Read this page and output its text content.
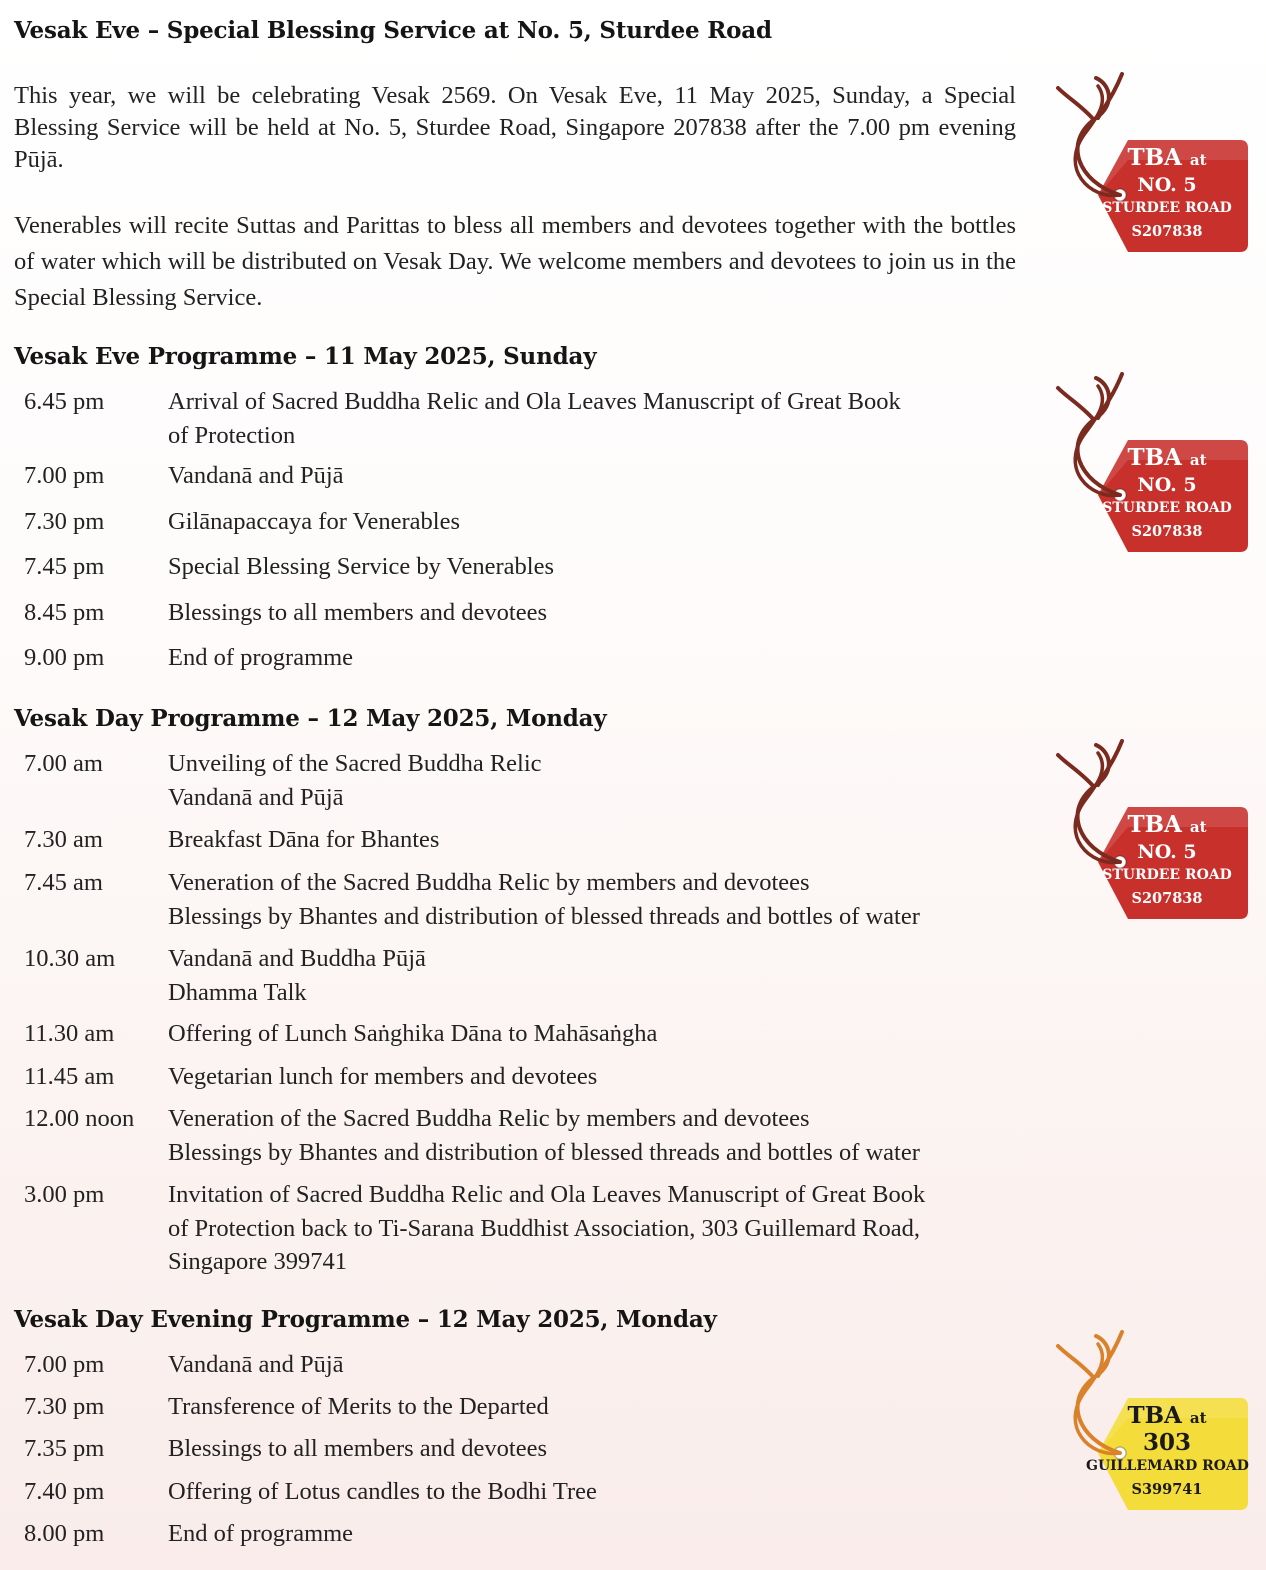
Vesak Eve – Special Blessing Service at No. 5, Sturdee Road

This year, we will be celebrating Vesak 2569. On Vesak Eve, 11 May 2025, Sunday, a Special Blessing Service will be held at No. 5, Sturdee Road, Singapore 207838 after the 7.00 pm evening Pūjā.

Venerables will recite Suttas and Parittas to bless all members and devotees together with the bottles of water which will be distributed on Vesak Day. We welcome members and devotees to join us in the Special Blessing Service.

Vesak Eve Programme – 11 May 2025, Sunday
6.45 pm	Arrival of Sacred Buddha Relic and Ola Leaves Manuscript of Great Book
of Protection
7.00 pm	Vandanā and Pūjā
7.30 pm	Gilānapaccaya for Venerables
7.45 pm	Special Blessing Service by Venerables
8.45 pm	Blessings to all members and devotees
9.00 pm	End of programme
Vesak Day Programme – 12 May 2025, Monday
7.00 am	Unveiling of the Sacred Buddha Relic
Vandanā and Pūjā
7.30 am	Breakfast Dāna for Bhantes
7.45 am	Veneration of the Sacred Buddha Relic by members and devotees
Blessings by Bhantes and distribution of blessed threads and bottles of water
10.30 am Vandanā and Buddha Pūjā
Dhamma Talk
11.30 am Offering of Lunch Saṅghika Dāna to Mahāsaṅgha
11.45 am Vegetarian lunch for members and devotees
12.00 noon Veneration of the Sacred Buddha Relic by members and devotees
Blessings by Bhantes and distribution of blessed threads and bottles of water
3.00 pm	Invitation of Sacred Buddha Relic and Ola Leaves Manuscript of Great Book
of Protection back to Ti-Sarana Buddhist Association, 303 Guillemard Road,
Singapore 399741
Vesak Day Evening Programme – 12 May 2025, Monday
7.00 pm	Vandanā and Pūjā
7.30 pm	Transference of Merits to the Departed
7.35 pm	Blessings to all members and devotees
7.40 pm	Offering of Lotus candles to the Bodhi Tree
8.00 pm	End of programme
TBA at
NO. 5
STURDEE ROAD
S207838
TBA at
NO. 5
STURDEE ROAD
S207838
TBA at
NO. 5
STURDEE ROAD
S207838
TBA at
303
GUILLEMARD ROAD
S399741
